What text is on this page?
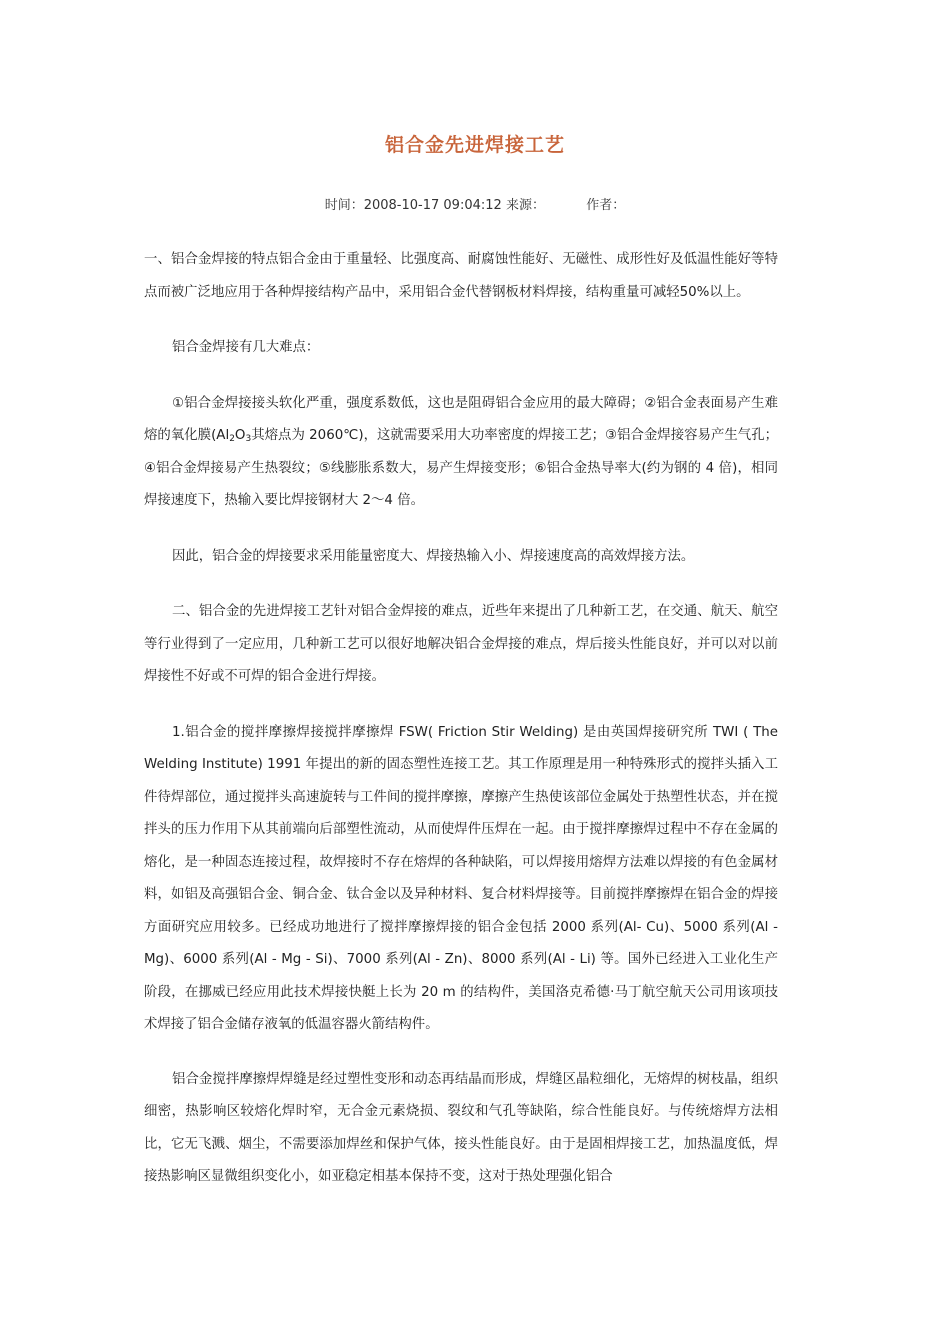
铝合金先进焊接工艺
时间：2008-10-17 09:04:12 来源：	作者：

一、铝合金焊接的特点铝合金由于重量轻、比强度高、耐腐蚀性能好、无磁性、成形性好及低温性能好等特点而被广泛地应用于各种焊接结构产品中，采用铝合金代替钢板材料焊接，结构重量可减轻50%以上。

铝合金焊接有几大难点：

①铝合金焊接接头软化严重，强度系数低，这也是阻碍铝合金应用的最大障碍；②铝合金表面易产生难熔的氧化膜($Al_2O_3$其熔点为 2060℃)，这就需要采用大功率密度的焊接工艺；③铝合金焊接容易产生气孔；④铝合金焊接易产生热裂纹；⑤线膨胀系数大，易产生焊接变形；⑥铝合金热导率大(约为钢的 4 倍)，相同焊接速度下，热输入要比焊接钢材大 2～4 倍。

因此，铝合金的焊接要求采用能量密度大、焊接热输入小、焊接速度高的高效焊接方法。

二、铝合金的先进焊接工艺针对铝合金焊接的难点，近些年来提出了几种新工艺，在交通、航天、航空等行业得到了一定应用，几种新工艺可以很好地解决铝合金焊接的难点，焊后接头性能良好，并可以对以前焊接性不好或不可焊的铝合金进行焊接。

1.铝合金的搅拌摩擦焊接搅拌摩擦焊 FSW( Friction Stir Welding) 是由英国焊接研究所 TWI ( The Welding Institute) 1991 年提出的新的固态塑性连接工艺。其工作原理是用一种特殊形式的搅拌头插入工件待焊部位，通过搅拌头高速旋转与工件间的搅拌摩擦，摩擦产生热使该部位金属处于热塑性状态，并在搅拌头的压力作用下从其前端向后部塑性流动，从而使焊件压焊在一起。由于搅拌摩擦焊过程中不存在金属的熔化，是一种固态连接过程，故焊接时不存在熔焊的各种缺陷，可以焊接用熔焊方法难以焊接的有色金属材料，如铝及高强铝合金、铜合金、钛合金以及异种材料、复合材料焊接等。目前搅拌摩擦焊在铝合金的焊接方面研究应用较多。已经成功地进行了搅拌摩擦焊接的铝合金包括 2000 系列(Al- Cu)、5000 系列(Al -Mg)、6000 系列(Al - Mg - Si)、7000 系列(Al - Zn)、8000 系列(Al - Li) 等。国外已经进入工业化生产阶段，在挪威已经应用此技术焊接快艇上长为 20 m 的结构件，美国洛克希德·马丁航空航天公司用该项技术焊接了铝合金储存液氧的低温容器火箭结构件。

铝合金搅拌摩擦焊焊缝是经过塑性变形和动态再结晶而形成，焊缝区晶粒细化，无熔焊的树枝晶，组织细密，热影响区较熔化焊时窄，无合金元素烧损、裂纹和气孔等缺陷，综合性能良好。与传统熔焊方法相比，它无飞溅、烟尘，不需要添加焊丝和保护气体，接头性能良好。由于是固相焊接工艺，加热温度低，焊接热影响区显微组织变化小，如亚稳定相基本保持不变，这对于热处理强化铝合
